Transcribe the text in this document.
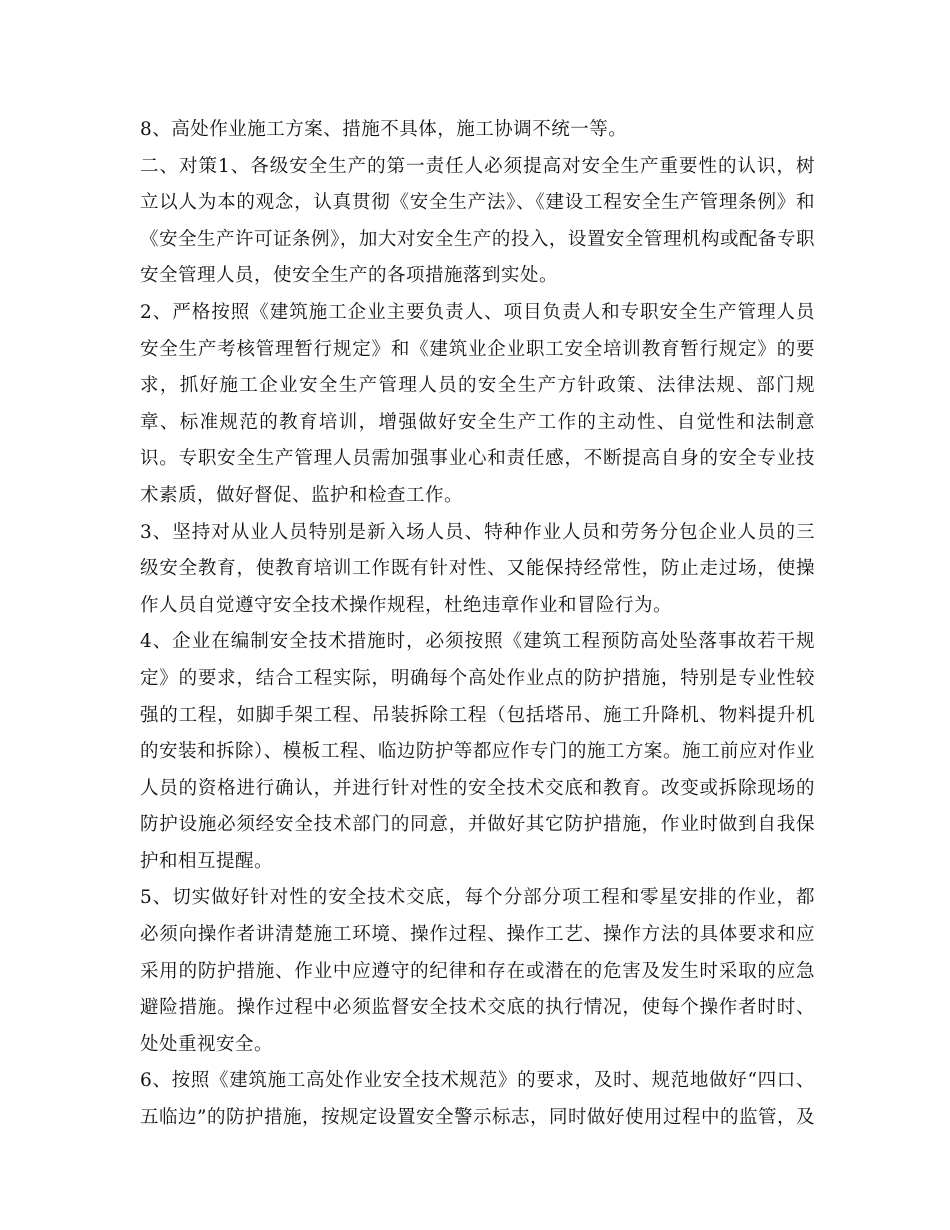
8、高处作业施工方案、措施不具体，施工协调不统一等。

二、对策1、各级安全生产的第一责任人必须提高对安全生产重要性的认识，树立以人为本的观念，认真贯彻《安全生产法》、《建设工程安全生产管理条例》和《安全生产许可证条例》，加大对安全生产的投入，设置安全管理机构或配备专职安全管理人员，使安全生产的各项措施落到实处。

2、严格按照《建筑施工企业主要负责人、项目负责人和专职安全生产管理人员安全生产考核管理暂行规定》和《建筑业企业职工安全培训教育暂行规定》的要求，抓好施工企业安全生产管理人员的安全生产方针政策、法律法规、部门规章、标准规范的教育培训，增强做好安全生产工作的主动性、自觉性和法制意识。专职安全生产管理人员需加强事业心和责任感，不断提高自身的安全专业技术素质，做好督促、监护和检查工作。

3、坚持对从业人员特别是新入场人员、特种作业人员和劳务分包企业人员的三级安全教育，使教育培训工作既有针对性、又能保持经常性，防止走过场，使操作人员自觉遵守安全技术操作规程，杜绝违章作业和冒险行为。

4、企业在编制安全技术措施时，必须按照《建筑工程预防高处坠落事故若干规定》的要求，结合工程实际，明确每个高处作业点的防护措施，特别是专业性较强的工程，如脚手架工程、吊装拆除工程（包括塔吊、施工升降机、物料提升机的安装和拆除）、模板工程、临边防护等都应作专门的施工方案。施工前应对作业人员的资格进行确认，并进行针对性的安全技术交底和教育。改变或拆除现场的防护设施必须经安全技术部门的同意，并做好其它防护措施，作业时做到自我保护和相互提醒。

5、切实做好针对性的安全技术交底，每个分部分项工程和零星安排的作业，都必须向操作者讲清楚施工环境、操作过程、操作工艺、操作方法的具体要求和应采用的防护措施、作业中应遵守的纪律和存在或潜在的危害及发生时采取的应急避险措施。操作过程中必须监督安全技术交底的执行情况，使每个操作者时时、处处重视安全。

6、按照《建筑施工高处作业安全技术规范》的要求，及时、规范地做好“四口、五临边”的防护措施，按规定设置安全警示标志，同时做好使用过程中的监管，及
